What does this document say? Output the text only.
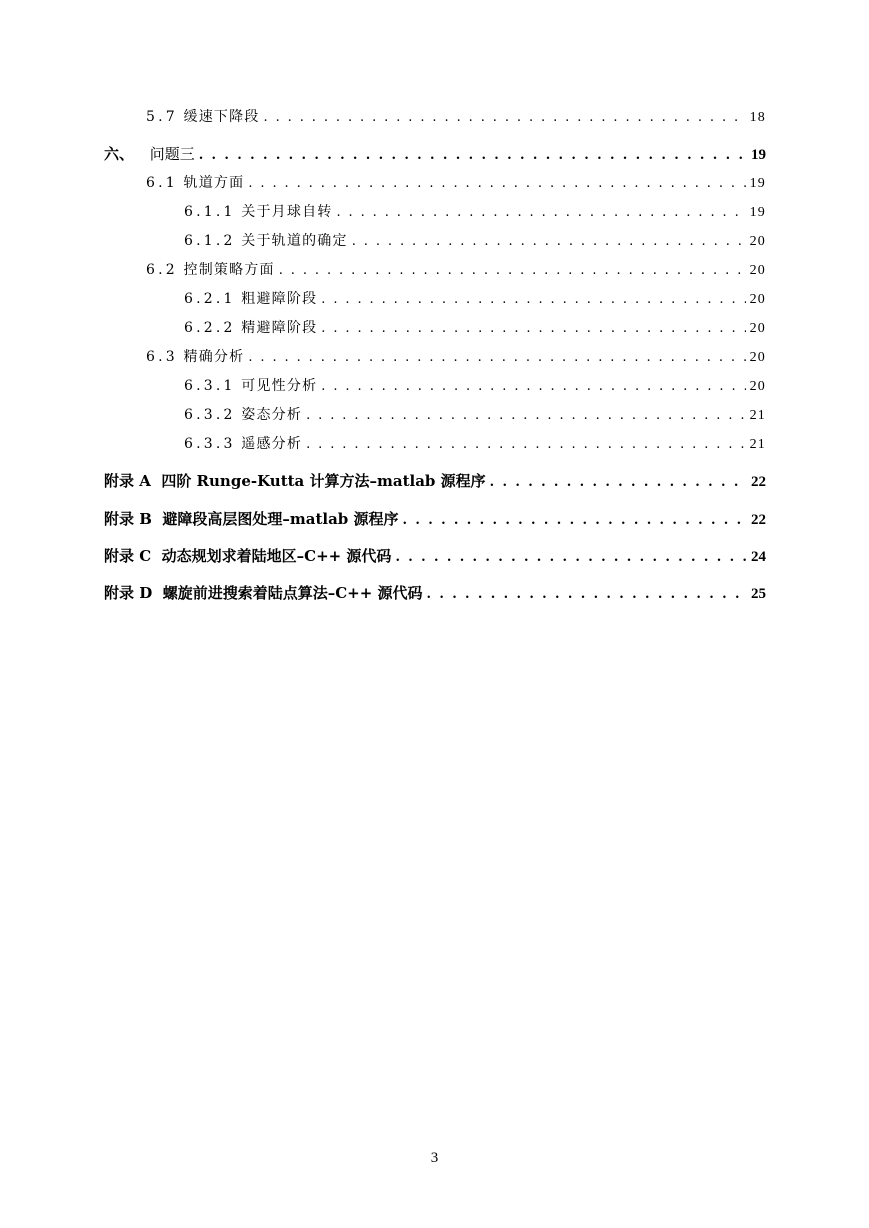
5.7 缓速下降段 . . .	18
六、 问题三 . . .	19
6.1 轨道方面 . . .	19
6.1.1 关于月球自转 . . .	19
6.1.2 关于轨道的确定 . . .	20
6.2 控制策略方面 . . .	20
6.2.1 粗避障阶段 . . .	20
6.2.2 精避障阶段 . . .	20
6.3 精确分析 . . .	20
6.3.1 可见性分析 . . .	20
6.3.2 姿态分析 . . .	21
6.3.3 遥感分析 . . .	21
附录 A 四阶 Runge-Kutta 计算方法–matlab 源程序 . . .	22
附录 B 避障段高层图处理–matlab 源程序 . . .	22
附录 C 动态规划求着陆地区–C++ 源代码 . . .	24
附录 D 螺旋前进搜索着陆点算法–C++ 源代码 . . .	25
3
